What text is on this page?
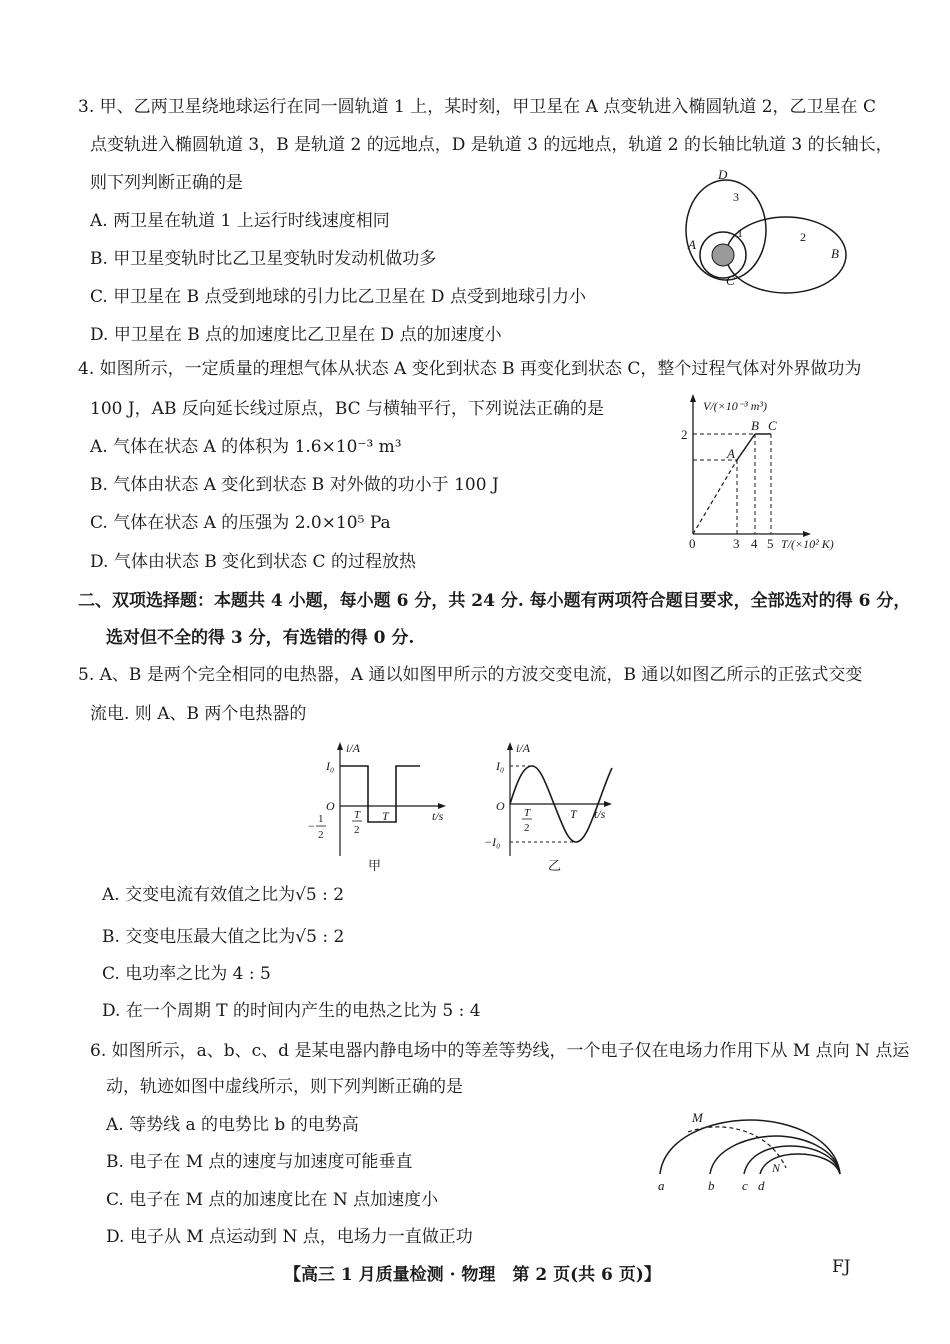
3. 甲、乙两卫星绕地球运行在同一圆轨道 1 上，某时刻，甲卫星在 A 点变轨进入椭圆轨道 2，乙卫星在 C
点变轨进入椭圆轨道 3，B 是轨道 2 的远地点，D 是轨道 3 的远地点，轨道 2 的长轴比轨道 3 的长轴长，
则下列判断正确的是
A. 两卫星在轨道 1 上运行时线速度相同
B. 甲卫星变轨时比乙卫星变轨时发动机做功多
C. 甲卫星在 B 点受到地球的引力比乙卫星在 D 点受到地球引力小
D. 甲卫星在 B 点的加速度比乙卫星在 D 点的加速度小
D
3
1	2
A
B
C
4. 如图所示，一定质量的理想气体从状态 A 变化到状态 B 再变化到状态 C，整个过程气体对外界做功为
100 J，AB 反向延长线过原点，BC 与横轴平行，下列说法正确的是
A. 气体在状态 A 的体积为 1.6×10⁻³ m³
B. 气体由状态 A 变化到状态 B 对外做的功小于 100 J
C. 气体在状态 A 的压强为 2.0×10⁵ Pa
D. 气体由状态 B 变化到状态 C 的过程放热
V/(×10⁻³ m³)
T/(×10² K)
2
0	3 4 5
A
B C
二、双项选择题：本题共 4 小题，每小题 6 分，共 24 分. 每小题有两项符合题目要求，全部选对的得 6 分，
选对但不全的得 3 分，有选错的得 0 分.
5. A、B 是两个完全相同的电热器，A 通以如图甲所示的方波交变电流，B 通以如图乙所示的正弦式交变
流电. 则 A、B 两个电热器的
i/A
I₀
O
− 1
2
T
2
T	t/s
甲
i/A
I₀
O
−I₀
T
2
T t/s
乙
A. 交变电流有效值之比为√5 : 2
B. 交变电压最大值之比为√5 : 2
C. 电功率之比为 4 : 5
D. 在一个周期 T 的时间内产生的电热之比为 5 : 4
6. 如图所示，a、b、c、d 是某电器内静电场中的等差等势线，一个电子仅在电场力作用下从 M 点向 N 点运
动，轨迹如图中虚线所示，则下列判断正确的是
A. 等势线 a 的电势比 b 的电势高
B. 电子在 M 点的速度与加速度可能垂直
C. 电子在 M 点的加速度比在 N 点加速度小
D. 电子从 M 点运动到 N 点，电场力一直做正功
M
N
a	b c d
【高三 1 月质量检测 · 物理　第 2 页(共 6 页)】	FJ
